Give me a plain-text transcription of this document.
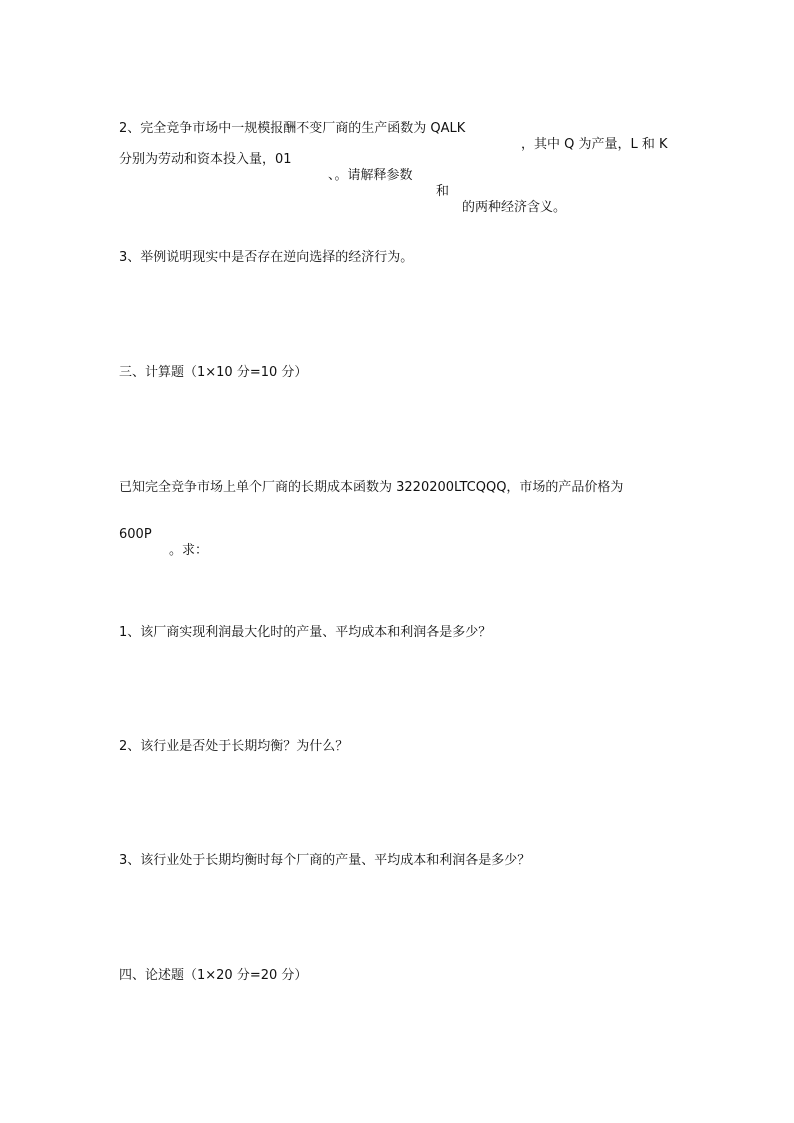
2、完全竞争市场中一规模报酬不变厂商的生产函数为 QALK

，其中 Q 为产量，L 和 K

分别为劳动和资本投入量，01

、。请解释参数

和

的两种经济含义。

3、举例说明现实中是否存在逆向选择的经济行为。
三、计算题（1×10 分=10 分）
已知完全竞争市场上单个厂商的长期成本函数为 3220200LTCQQQ，市场的产品价格为

600P

。求：

1、该厂商实现利润最大化时的产量、平均成本和利润各是多少？
2、该行业是否处于长期均衡？为什么？
3、该行业处于长期均衡时每个厂商的产量、平均成本和利润各是多少？
四、论述题（1×20 分=20 分）
